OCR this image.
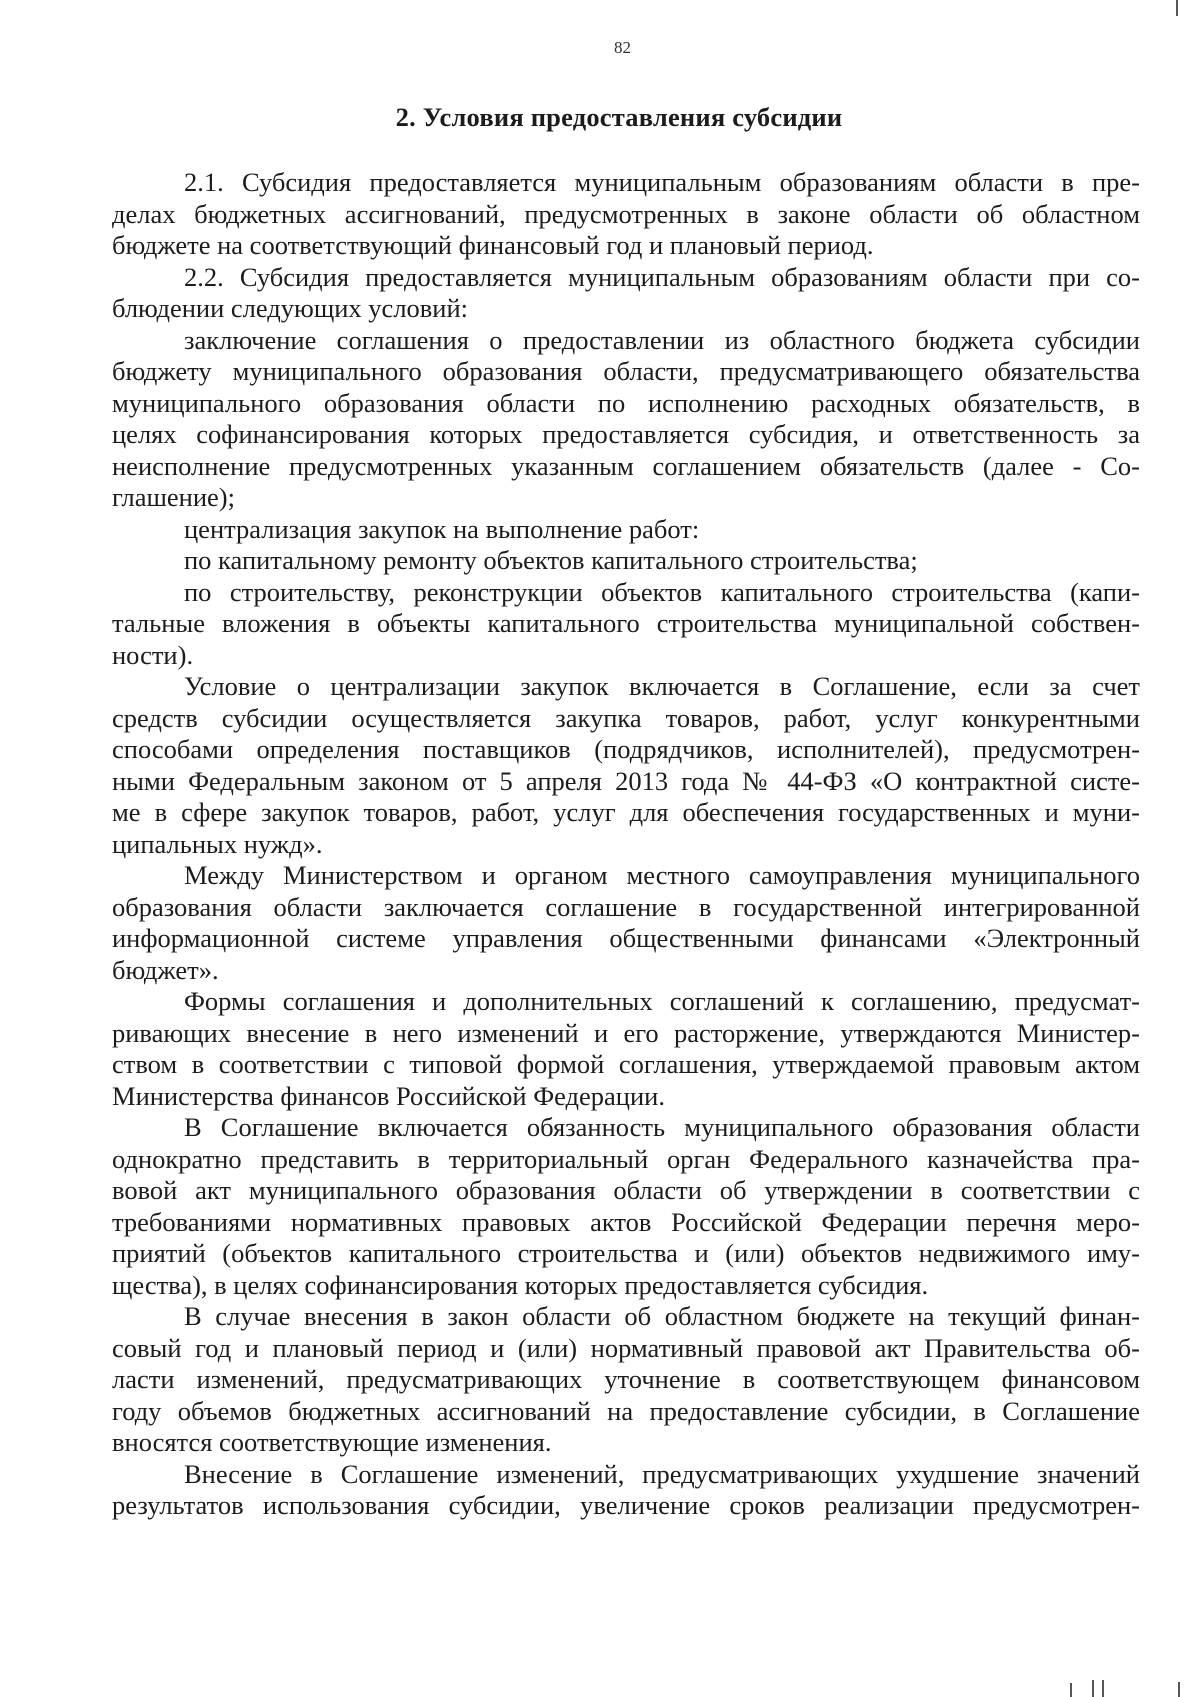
82
2. Условия предоставления субсидии
2.1. Субсидия предоставляется муниципальным образованиям области в пре-
делах бюджетных ассигнований, предусмотренных в законе области об областном
бюджете на соответствующий финансовый год и плановый период.
2.2. Субсидия предоставляется муниципальным образованиям области при со-
блюдении следующих условий:
заключение соглашения о предоставлении из областного бюджета субсидии
бюджету муниципального образования области, предусматривающего обязательства
муниципального образования области по исполнению расходных обязательств, в
целях софинансирования которых предоставляется субсидия, и ответственность за
неисполнение предусмотренных указанным соглашением обязательств (далее - Со-
глашение);
централизация закупок на выполнение работ:
по капитальному ремонту объектов капитального строительства;
по строительству, реконструкции объектов капитального строительства (капи-
тальные вложения в объекты капитального строительства муниципальной собствен-
ности).
Условие о централизации закупок включается в Соглашение, если за счет
средств субсидии осуществляется закупка товаров, работ, услуг конкурентными
способами определения поставщиков (подрядчиков, исполнителей), предусмотрен-
ными Федеральным законом от 5 апреля 2013 года № 44-ФЗ «О контрактной систе-
ме в сфере закупок товаров, работ, услуг для обеспечения государственных и муни-
ципальных нужд».
Между Министерством и органом местного самоуправления муниципального
образования области заключается соглашение в государственной интегрированной
информационной системе управления общественными финансами «Электронный
бюджет».
Формы соглашения и дополнительных соглашений к соглашению, предусмат-
ривающих внесение в него изменений и его расторжение, утверждаются Министер-
ством в соответствии с типовой формой соглашения, утверждаемой правовым актом
Министерства финансов Российской Федерации.
В Соглашение включается обязанность муниципального образования области
однократно представить в территориальный орган Федерального казначейства пра-
вовой акт муниципального образования области об утверждении в соответствии с
требованиями нормативных правовых актов Российской Федерации перечня меро-
приятий (объектов капитального строительства и (или) объектов недвижимого иму-
щества), в целях софинансирования которых предоставляется субсидия.
В случае внесения в закон области об областном бюджете на текущий финан-
совый год и плановый период и (или) нормативный правовой акт Правительства об-
ласти изменений, предусматривающих уточнение в соответствующем финансовом
году объемов бюджетных ассигнований на предоставление субсидии, в Соглашение
вносятся соответствующие изменения.
Внесение в Соглашение изменений, предусматривающих ухудшение значений
результатов использования субсидии, увеличение сроков реализации предусмотрен-
